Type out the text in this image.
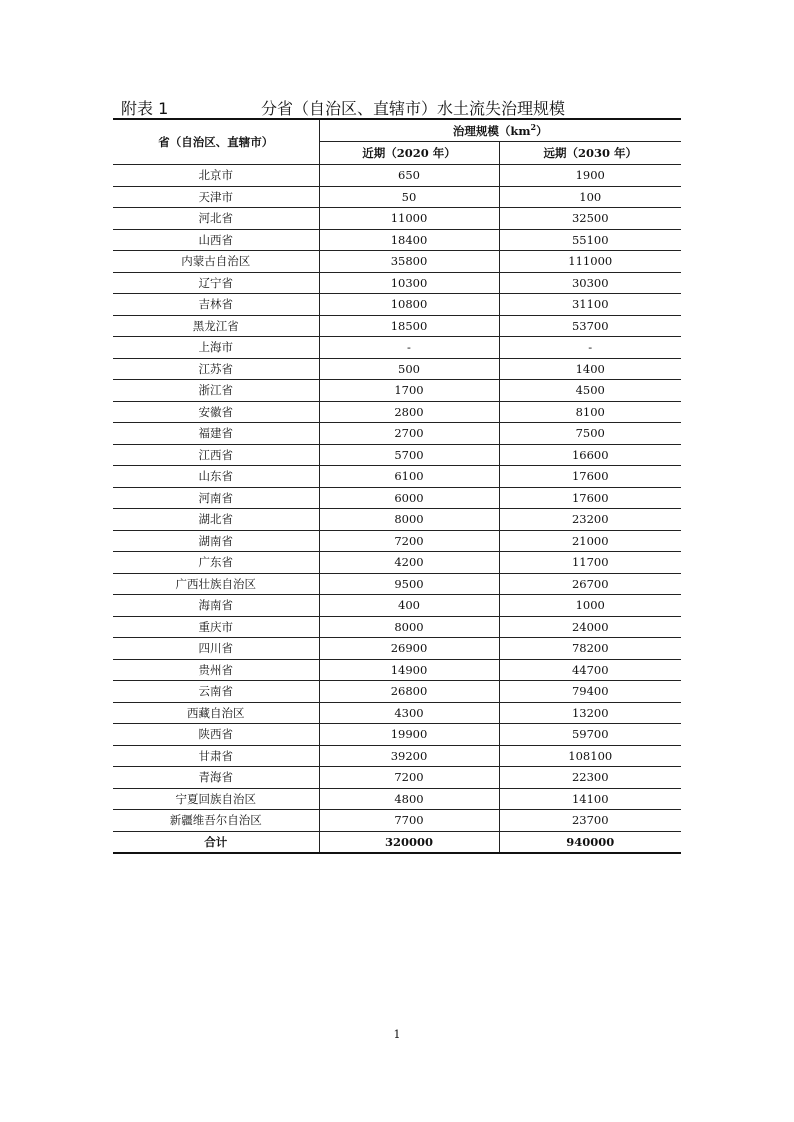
附表 1	分省（自治区、直辖市）水土流失治理规模
省（自治区、直辖市）	治理规模$(km^2)$	
	近期（2020 年）	远期（2030 年）
北京市	650	1900
天津市	50	100
河北省	11000	32500
山西省	18400	55100
内蒙古自治区	35800	111000
辽宁省	10300	30300
吉林省	10800	31100
黑龙江省	18500	53700
上海市	-	-
江苏省	500	1400
浙江省	1700	4500
安徽省	2800	8100
福建省	2700	7500
江西省	5700	16600
山东省	6100	17600
河南省	6000	17600
湖北省	8000	23200
湖南省	7200	21000
广东省	4200	11700
广西壮族自治区	9500	26700
海南省	400	1000
重庆市	8000	24000
四川省	26900	78200
贵州省	14900	44700
云南省	26800	79400
西藏自治区	4300	13200
陕西省	19900	59700
甘肃省	39200	108100
青海省	7200	22300
宁夏回族自治区	4800	14100
新疆维吾尔自治区	7700	23700
合计	320000	940000
1
